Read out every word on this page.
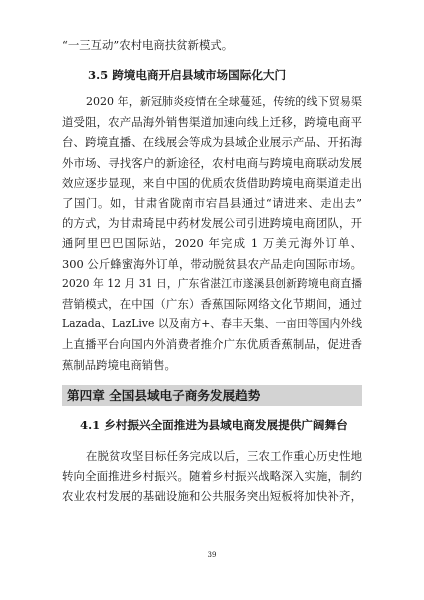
“一三互动”农村电商扶贫新模式。
3.5 跨境电商开启县域市场国际化大门
2020 年，新冠肺炎疫情在全球蔓延，传统的线下贸易渠
道受阻，农产品海外销售渠道加速向线上迁移，跨境电商平
台、跨境直播、在线展会等成为县域企业展示产品、开拓海
外市场、寻找客户的新途径，农村电商与跨境电商联动发展
效应逐步显现，来自中国的优质农货借助跨境电商渠道走出
了国门。如，甘肃省陇南市宕昌县通过“请进来、走出去”
的方式，为甘肃琦昆中药材发展公司引进跨境电商团队，开
通阿里巴巴国际站，2020 年完成 1 万美元海外订单、
300 公斤蜂蜜海外订单，带动脱贫县农产品走向国际市场。
2020 年 12 月 31 日，广东省湛江市遂溪县创新跨境电商直播
营销模式，在中国（广东）香蕉国际网络文化节期间，通过
Lazada、LazLive 以及南方+、春丰天集、一亩田等国内外线
上直播平台向国内外消费者推介广东优质香蕉制品，促进香
蕉制品跨境电商销售。
第四章 全国县域电子商务发展趋势
4.1 乡村振兴全面推进为县域电商发展提供广阔舞台
在脱贫攻坚目标任务完成以后，三农工作重心历史性地
转向全面推进乡村振兴。随着乡村振兴战略深入实施，制约
农业农村发展的基础设施和公共服务突出短板将加快补齐，
39
